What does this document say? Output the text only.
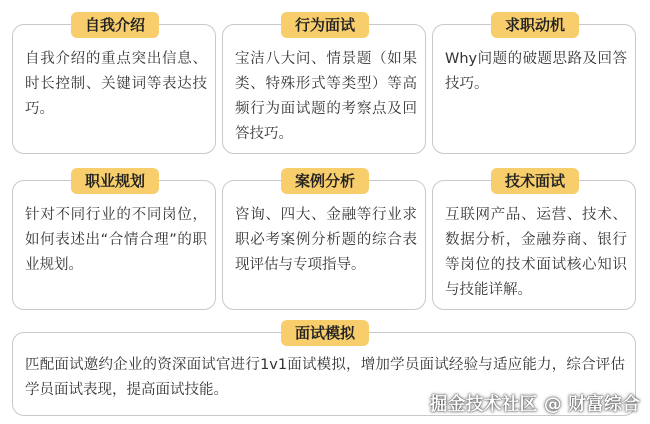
自我介绍
自我介绍的重点突出信息、时长控制、关键词等表达技巧。
行为面试
宝洁八大问、情景题（如果类、特殊形式等类型）等高频行为面试题的考察点及回答技巧。
求职动机
Why问题的破题思路及回答技巧。
职业规划
针对不同行业的不同岗位，如何表述出“合情合理”的职业规划。
案例分析
咨询、四大、金融等行业求职必考案例分析题的综合表现评估与专项指导。
技术面试
互联网产品、运营、技术、数据分析，金融券商、银行等岗位的技术面试核心知识与技能详解。
面试模拟
匹配面试邀约企业的资深面试官进行1v1面试模拟，增加学员面试经验与适应能力，综合评估学员面试表现，提高面试技能。
掘金技术社区 @ 财富综合
